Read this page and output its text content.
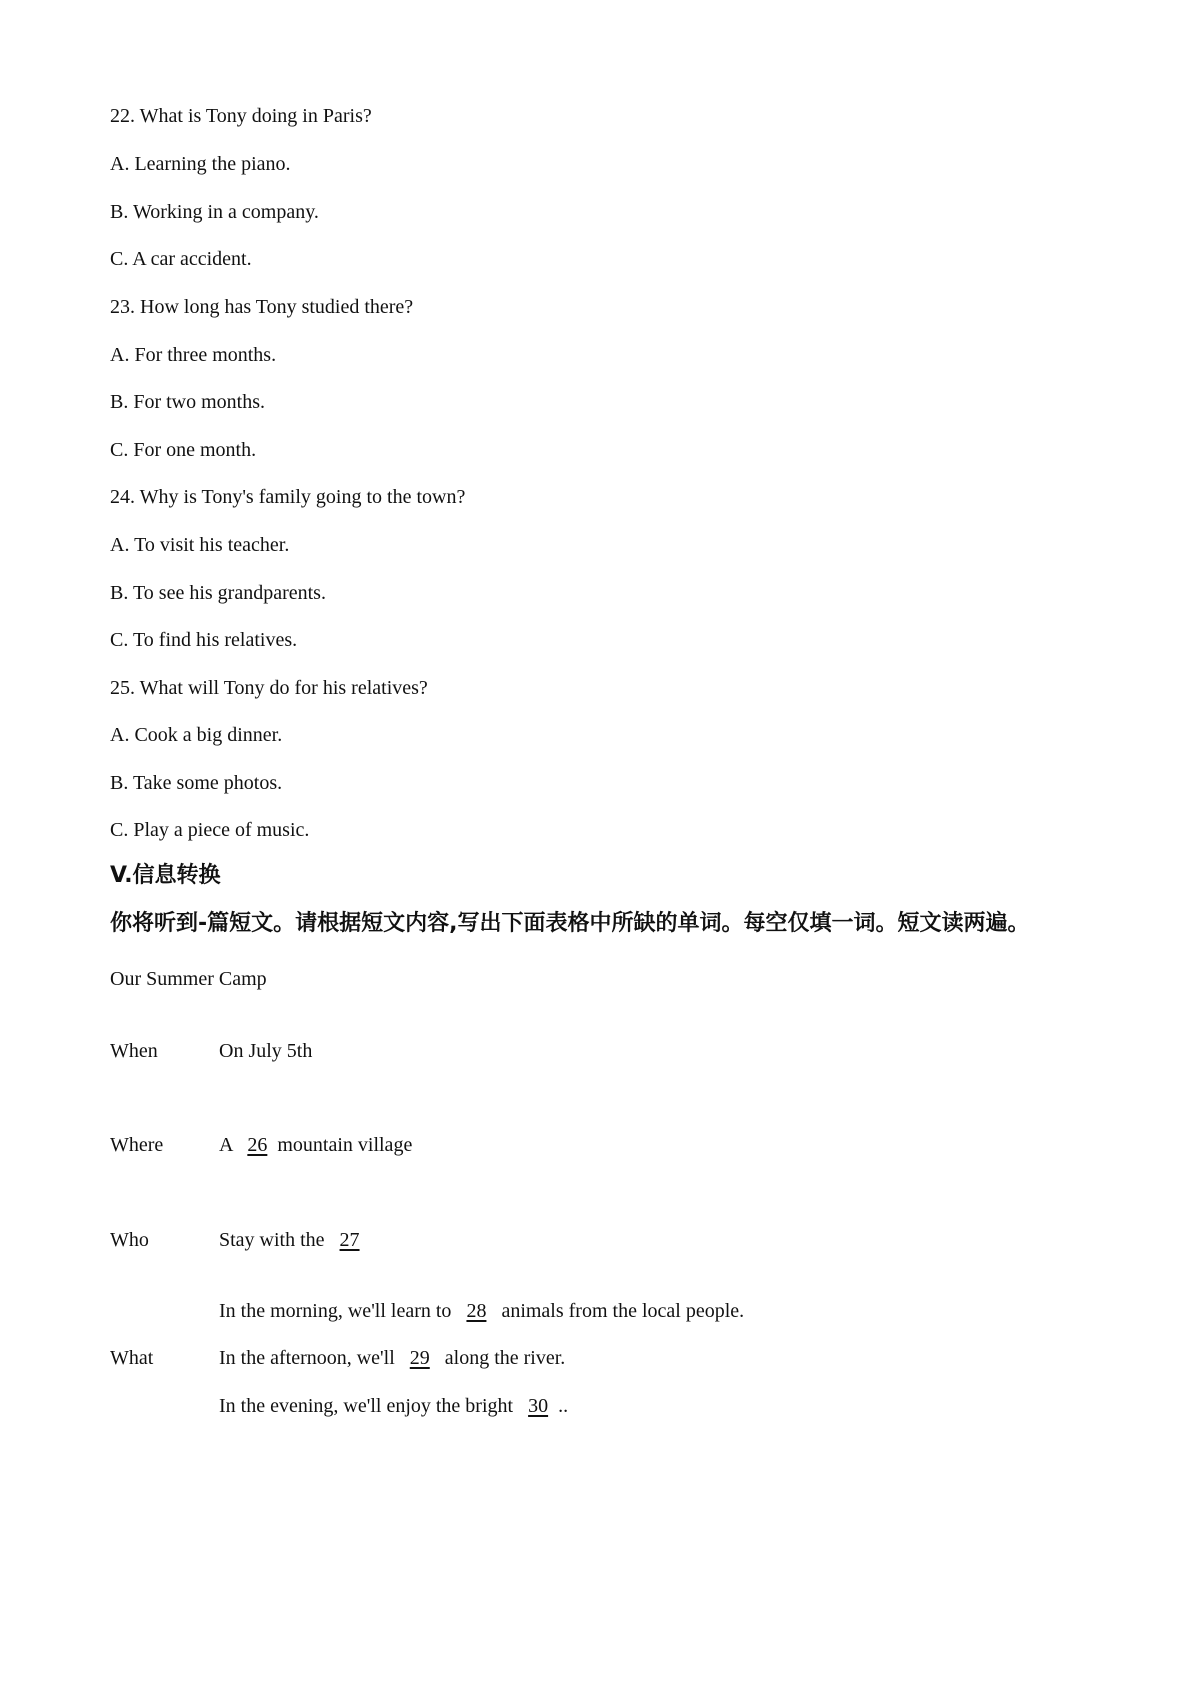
22. What is Tony doing in Paris?
A. Learning the piano.
B. Working in a company.
C. A car accident.
23. How long has Tony studied there?
A. For three months.
B. For two months.
C. For one month.
24. Why is Tony's family going to the town?
A. To visit his teacher.
B. To see his grandparents.
C. To find his relatives.
25. What will Tony do for his relatives?
A. Cook a big dinner.
B. Take some photos.
C. Play a piece of music.
V.信息转换
你将听到-篇短文。请根据短文内容,写出下面表格中所缺的单词。每空仅填一词。短文读两遍。
Our Summer Camp
When	On July 5th
Where	A 26 mountain village
Who	Stay with the 27
What
In the morning, we'll learn to 28 animals from the local people.
In the afternoon, we'll 29 along the river.
In the evening, we'll enjoy the bright 30 ..
